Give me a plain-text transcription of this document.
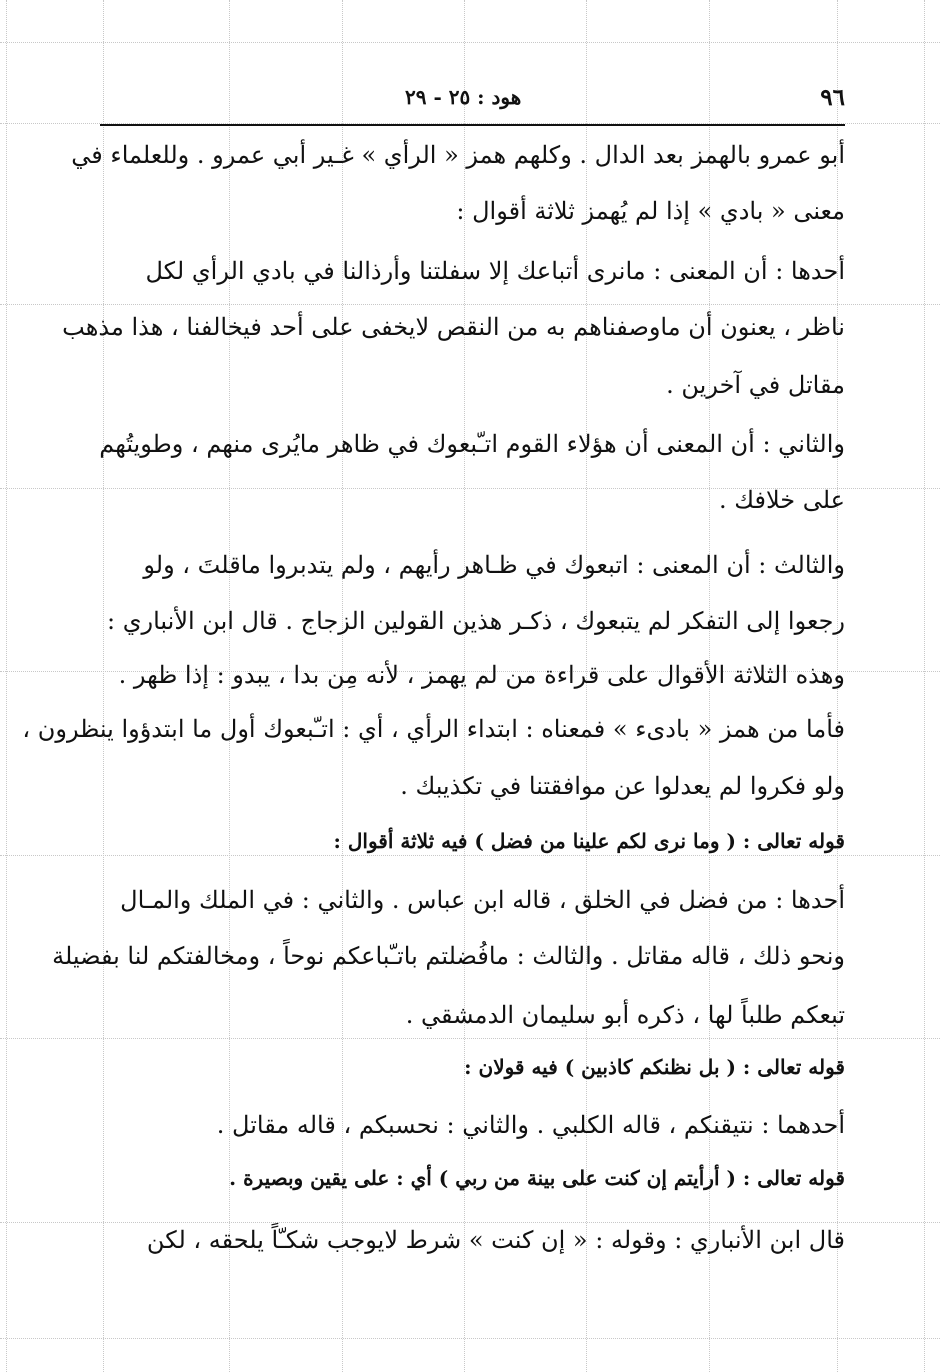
٩٦
هود : ٢٥ - ٢٩
أبو عمرو بالهمز بعد الدال . وكلهم همز « الرأي » غـير أبي عمرو . وللعلماء في
معنى « بادي » إذا لم يُهمز ثلاثة أقوال :
أحدها : أن المعنى : مانرى أتباعك إلا سفلتنا وأرذالنا في بادي الرأي لكل
ناظر ، يعنون أن ماوصفناهم به من النقص لايخفى على أحد فيخالفنا ، هذا مذهب
مقاتل في آخرين .
والثاني : أن المعنى أن هؤلاء القوم اتـّبعوك في ظاهر مايُرى منهم ، وطويتُهم
على خلافك .
والثالث : أن المعنى : اتبعوك في ظـاهر رأيهم ، ولم يتدبروا ماقلتَ ، ولو
رجعوا إلى التفكر لم يتبعوك ، ذكـر هذين القولين الزجاج . قال ابن الأنباري :
وهذه الثلاثة الأقوال على قراءة من لم يهمز ، لأنه مِن بدا ، يبدو : إذا ظهر .
فأما من همز « بادىء » فمعناه : ابتداء الرأي ، أي : اتـّبعوك أول ما ابتدؤوا ينظرون ،
ولو فكروا لم يعدلوا عن موافقتنا في تكذيبك .
قوله تعالى : ( وما نرى لكم علينا من فضل ) فيه ثلاثة أقوال :
أحدها : من فضل في الخلق ، قاله ابن عباس . والثاني : في الملك والمـال
ونحو ذلك ، قاله مقاتل . والثالث : مافُضلتم باتـّباعكم نوحاً ، ومخالفتكم لنا بفضيلة
تبعكم طلباً لها ، ذكره أبو سليمان الدمشقي .
قوله تعالى : ( بل نظنكم كاذبين ) فيه قولان :
أحدهما : نتيقنكم ، قاله الكلبي . والثاني : نحسبكم ، قاله مقاتل .
قوله تعالى : ( أرأيتم إن كنت على بينة من ربي ) أي : على يقين وبصيرة .
قال ابن الأنباري : وقوله : « إن كنت » شرط لايوجب شكـّاً يلحقه ، لكن
